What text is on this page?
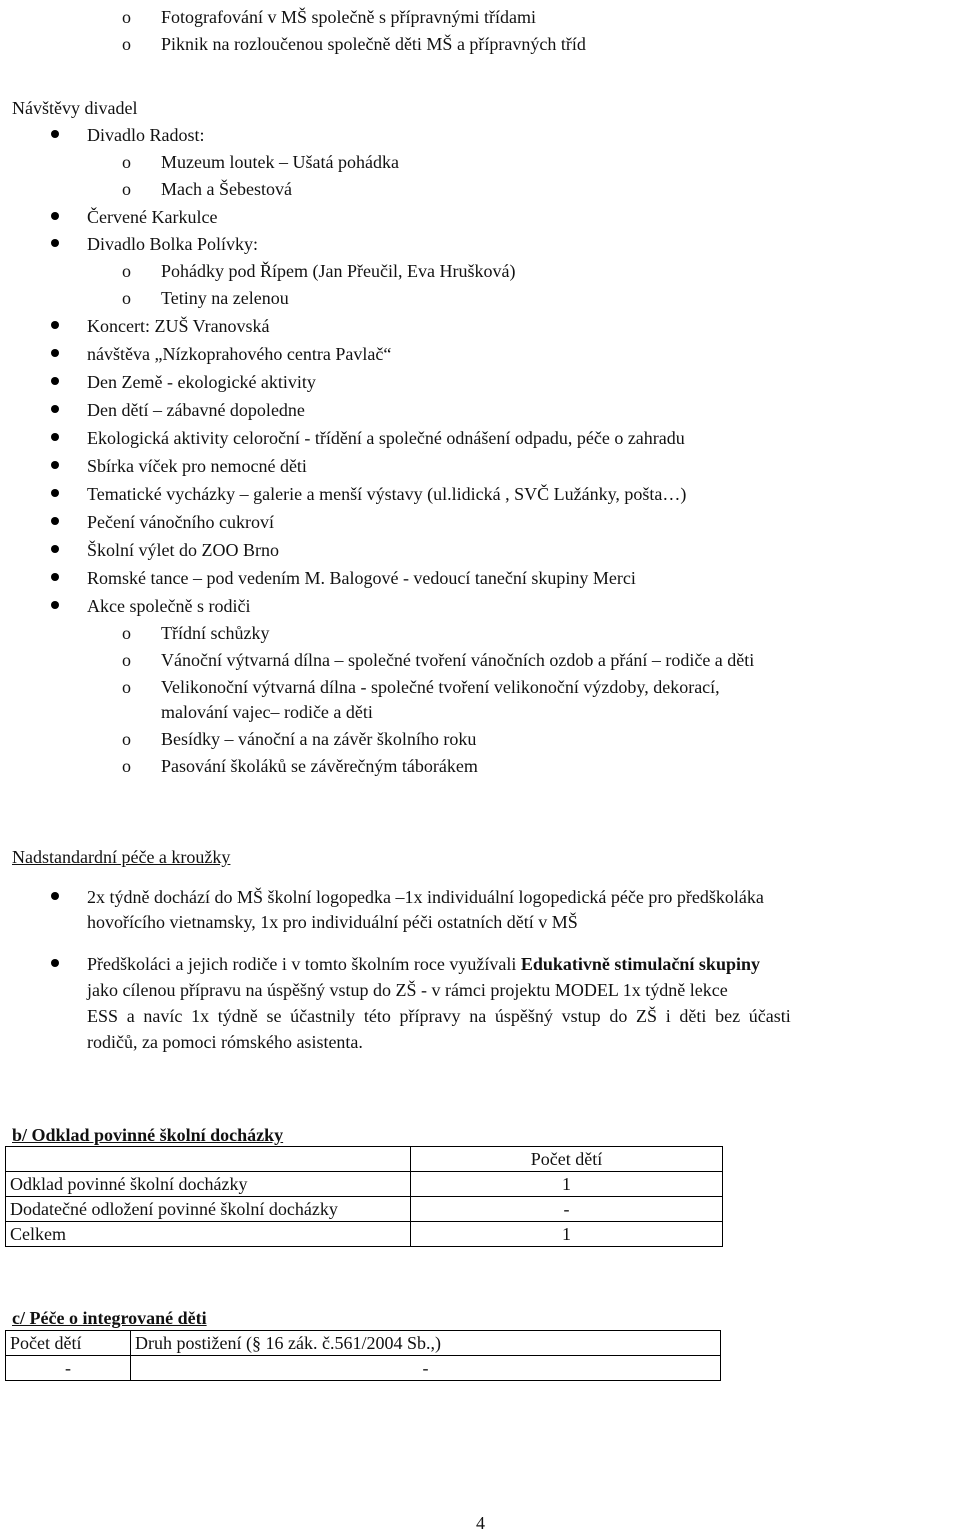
o Fotografování v MŠ společně s přípravnými třídami
o Piknik na rozloučenou společně děti MŠ a přípravných tříd
Návštěvy divadel
Divadlo Radost:
o Muzeum loutek – Ušatá pohádka
o Mach a Šebestová
Červené Karkulce
Divadlo Bolka Polívky:
o Pohádky pod Řípem (Jan Přeučil, Eva Hrušková)
o Tetiny na zelenou
Koncert: ZUŠ Vranovská
návštěva „Nízkoprahového centra Pavlač“
Den Země - ekologické aktivity
Den dětí – zábavné dopoledne
Ekologická aktivity celoroční - třídění a společné odnášení odpadu, péče o zahradu
Sbírka víček pro nemocné děti
Tematické vycházky – galerie a menší výstavy (ul.lidická , SVČ Lužánky, pošta…)
Pečení vánočního cukroví
Školní výlet do ZOO Brno
Romské tance – pod vedením M. Balogové - vedoucí taneční skupiny Merci
Akce společně s rodiči
o Třídní schůzky
o Vánoční výtvarná dílna – společné tvoření vánočních ozdob a přání – rodiče a děti
o Velikonoční výtvarná dílna - společné tvoření velikonoční výzdoby, dekorací,
malování vajec– rodiče a děti
o Besídky – vánoční a na závěr školního roku
o Pasování školáků se závěrečným táborákem
Nadstandardní péče a kroužky
2x týdně dochází do MŠ školní logopedka –1x individuální logopedická péče pro předškoláka
hovořícího vietnamsky, 1x pro individuální péči ostatních dětí v MŠ
Předškoláci a jejich rodiče i v tomto školním roce využívali Edukativně stimulační skupiny
jako cílenou přípravu na úspěšný vstup do ZŠ - v rámci projektu MODEL 1x týdně lekce
ESS a navíc 1x týdně se účastnily této přípravy na úspěšný vstup do ZŠ i děti bez účasti
rodičů, za pomoci rómského asistenta.
b/ Odklad povinné školní docházky
	Počet dětí
Odklad povinné školní docházky	1
Dodatečné odložení povinné školní docházky	-
Celkem	1
c/ Péče o integrované děti
Počet dětí	Druh postižení (§ 16 zák. č.561/2004 Sb.,)
-	-
4
